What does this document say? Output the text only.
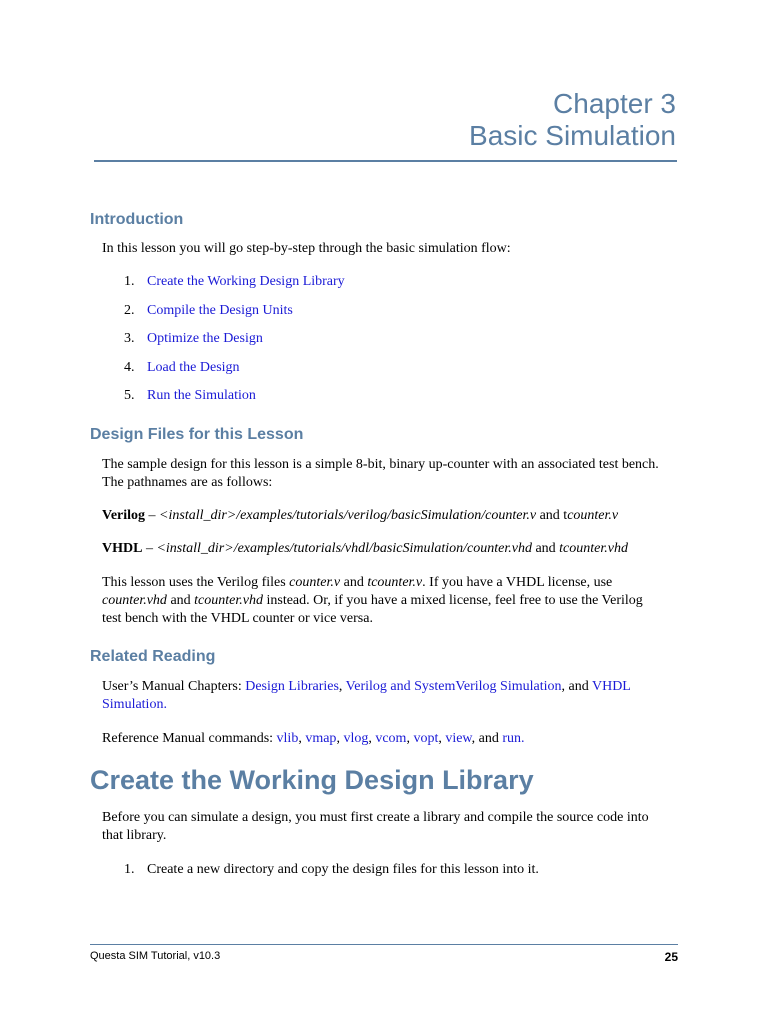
Chapter 3
Basic Simulation
Introduction

In this lesson you will go step-by-step through the basic simulation flow:

1. Create the Working Design Library
2. Compile the Design Units
3. Optimize the Design
4. Load the Design
5. Run the Simulation
Design Files for this Lesson

The sample design for this lesson is a simple 8-bit, binary up-counter with an associated test bench. The pathnames are as follows:

Verilog – <install_dir>/examples/tutorials/verilog/basicSimulation/counter.v and tcounter.v

VHDL – <install_dir>/examples/tutorials/vhdl/basicSimulation/counter.vhd and tcounter.vhd

This lesson uses the Verilog files counter.v and tcounter.v. If you have a VHDL license, use counter.vhd and tcounter.vhd instead. Or, if you have a mixed license, feel free to use the Verilog test bench with the VHDL counter or vice versa.

Related Reading

User’s Manual Chapters: Design Libraries, Verilog and SystemVerilog Simulation, and VHDL Simulation.

Reference Manual commands: vlib, vmap, vlog, vcom, vopt, view, and run.

Create the Working Design Library

Before you can simulate a design, you must first create a library and compile the source code into that library.

1. Create a new directory and copy the design files for this lesson into it.

Questa SIM Tutorial, v10.3	25
